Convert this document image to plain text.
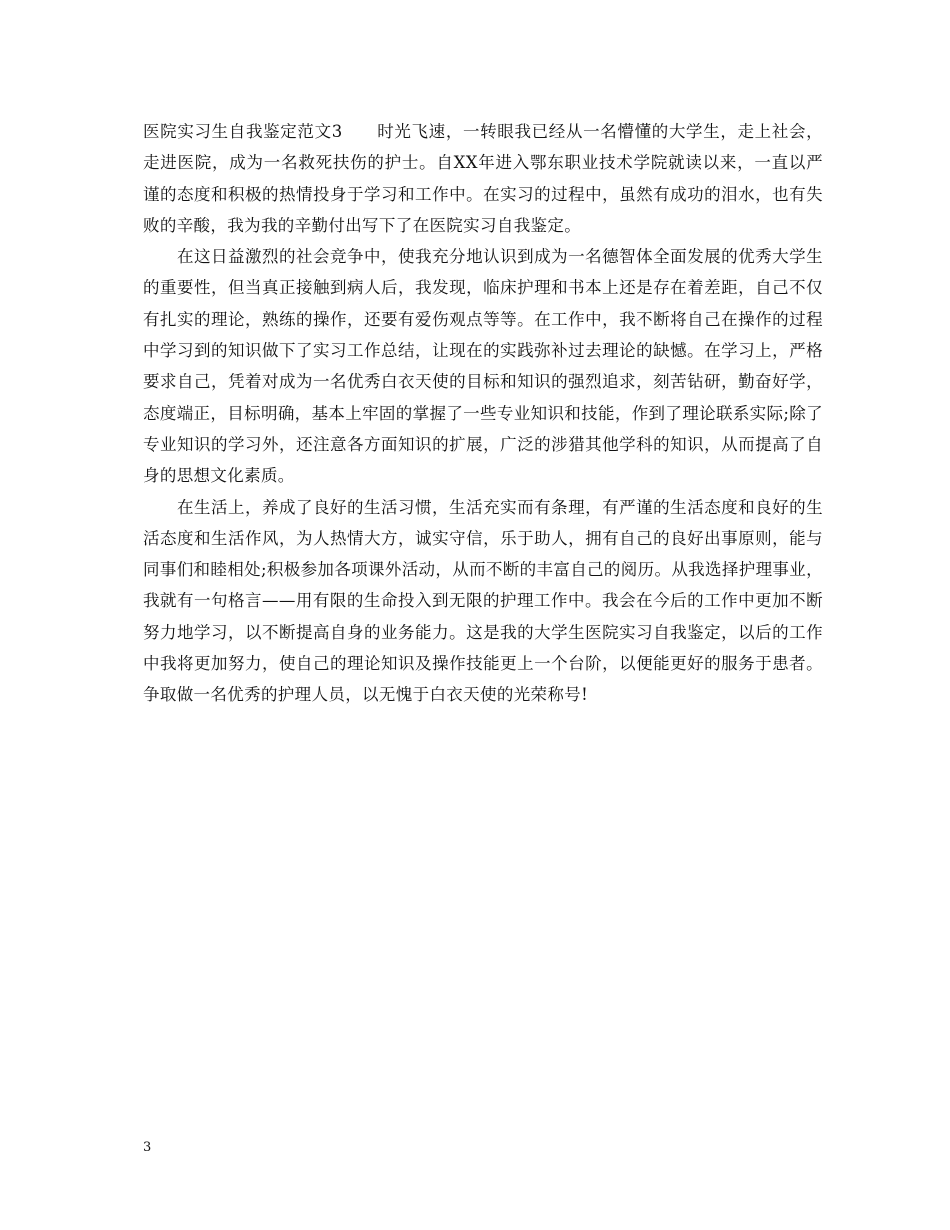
医院实习生自我鉴定范文3　　时光飞速，一转眼我已经从一名懵懂的大学生，走上社会，走进医院，成为一名救死扶伤的护士。自XX年进入鄂东职业技术学院就读以来，一直以严谨的态度和积极的热情投身于学习和工作中。在实习的过程中，虽然有成功的泪水，也有失败的辛酸，我为我的辛勤付出写下了在医院实习自我鉴定。

在这日益激烈的社会竞争中，使我充分地认识到成为一名德智体全面发展的优秀大学生的重要性，但当真正接触到病人后，我发现，临床护理和书本上还是存在着差距，自己不仅有扎实的理论，熟练的操作，还要有爱伤观点等等。在工作中，我不断将自己在操作的过程中学习到的知识做下了实习工作总结，让现在的实践弥补过去理论的缺憾。在学习上，严格要求自己，凭着对成为一名优秀白衣天使的目标和知识的强烈追求，刻苦钻研，勤奋好学，态度端正，目标明确，基本上牢固的掌握了一些专业知识和技能，作到了理论联系实际;除了专业知识的学习外，还注意各方面知识的扩展，广泛的涉猎其他学科的知识，从而提高了自身的思想文化素质。

在生活上，养成了良好的生活习惯，生活充实而有条理，有严谨的生活态度和良好的生活态度和生活作风，为人热情大方，诚实守信，乐于助人，拥有自己的良好出事原则，能与同事们和睦相处;积极参加各项课外活动，从而不断的丰富自己的阅历。从我选择护理事业，我就有一句格言——用有限的生命投入到无限的护理工作中。我会在今后的工作中更加不断努力地学习，以不断提高自身的业务能力。这是我的大学生医院实习自我鉴定，以后的工作中我将更加努力，使自己的理论知识及操作技能更上一个台阶，以便能更好的服务于患者。争取做一名优秀的护理人员，以无愧于白衣天使的光荣称号!

3
